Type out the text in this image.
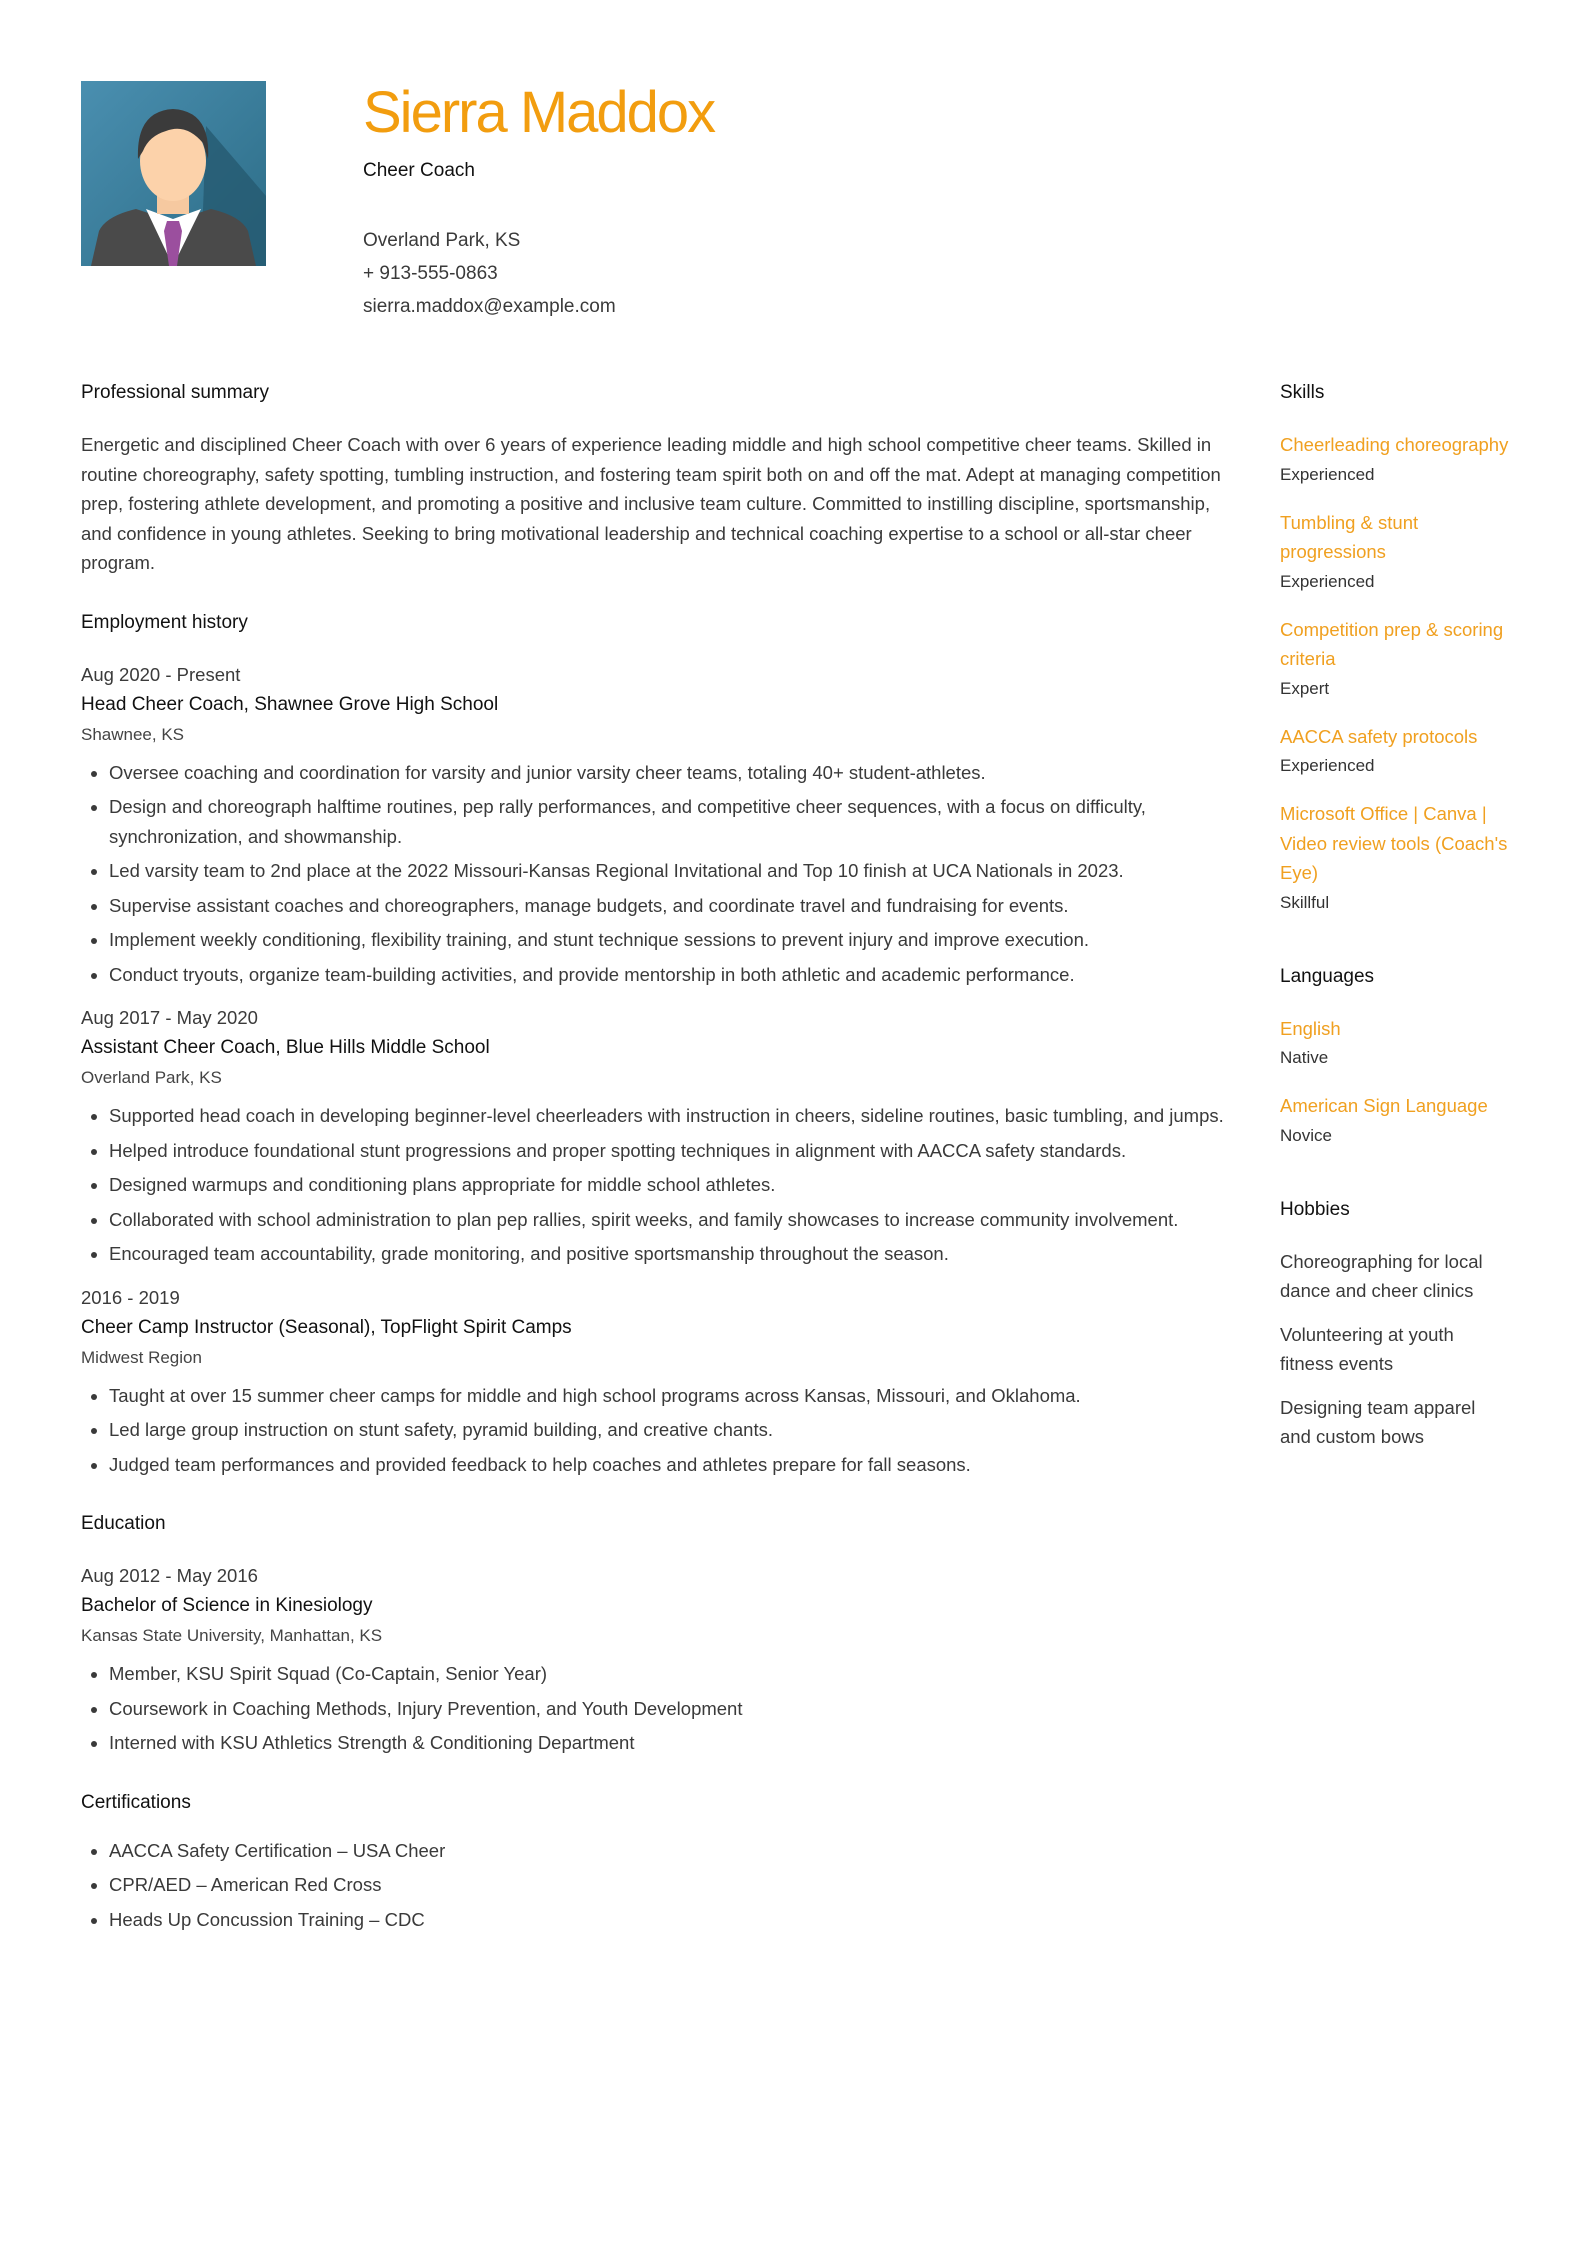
Sierra Maddox
Cheer Coach
Overland Park, KS
+ 913-555-0863
sierra.maddox@example.com
Professional summary

Energetic and disciplined Cheer Coach with over 6 years of experience leading middle and high school competitive cheer teams. Skilled in routine choreography, safety spotting, tumbling instruction, and fostering team spirit both on and off the mat. Adept at managing competition prep, fostering athlete development, and promoting a positive and inclusive team culture. Committed to instilling discipline, sportsmanship, and confidence in young athletes. Seeking to bring motivational leadership and technical coaching expertise to a school or all-star cheer program.

Employment history
Aug 2020 - Present
Head Cheer Coach, Shawnee Grove High School
Shawnee, KS
• Oversee coaching and coordination for varsity and junior varsity cheer teams, totaling 40+ student-athletes.
• Design and choreograph halftime routines, pep rally performances, and competitive cheer sequences, with a focus on difficulty, synchronization, and showmanship.
• Led varsity team to 2nd place at the 2022 Missouri-Kansas Regional Invitational and Top 10 finish at UCA Nationals in 2023.
• Supervise assistant coaches and choreographers, manage budgets, and coordinate travel and fundraising for events.
• Implement weekly conditioning, flexibility training, and stunt technique sessions to prevent injury and improve execution.
• Conduct tryouts, organize team-building activities, and provide mentorship in both athletic and academic performance.
Aug 2017 - May 2020
Assistant Cheer Coach, Blue Hills Middle School
Overland Park, KS
• Supported head coach in developing beginner-level cheerleaders with instruction in cheers, sideline routines, basic tumbling, and jumps.
• Helped introduce foundational stunt progressions and proper spotting techniques in alignment with AACCA safety standards.
• Designed warmups and conditioning plans appropriate for middle school athletes.
• Collaborated with school administration to plan pep rallies, spirit weeks, and family showcases to increase community involvement.
• Encouraged team accountability, grade monitoring, and positive sportsmanship throughout the season.
2016 - 2019
Cheer Camp Instructor (Seasonal), TopFlight Spirit Camps
Midwest Region
• Taught at over 15 summer cheer camps for middle and high school programs across Kansas, Missouri, and Oklahoma.
• Led large group instruction on stunt safety, pyramid building, and creative chants.
• Judged team performances and provided feedback to help coaches and athletes prepare for fall seasons.
Education
Aug 2012 - May 2016
Bachelor of Science in Kinesiology
Kansas State University, Manhattan, KS
• Member, KSU Spirit Squad (Co-Captain, Senior Year)
• Coursework in Coaching Methods, Injury Prevention, and Youth Development
• Interned with KSU Athletics Strength & Conditioning Department
Certifications
• AACCA Safety Certification – USA Cheer
• CPR/AED – American Red Cross
• Heads Up Concussion Training – CDC
Skills
Cheerleading choreography
Experienced
Tumbling & stunt progressions
Experienced
Competition prep & scoring criteria
Expert
AACCA safety protocols
Experienced
Microsoft Office | Canva | Video review tools (Coach's Eye)
Skillful
Languages
English
Native
American Sign Language
Novice
Hobbies
Choreographing for local dance and cheer clinics
Volunteering at youth fitness events
Designing team apparel and custom bows
